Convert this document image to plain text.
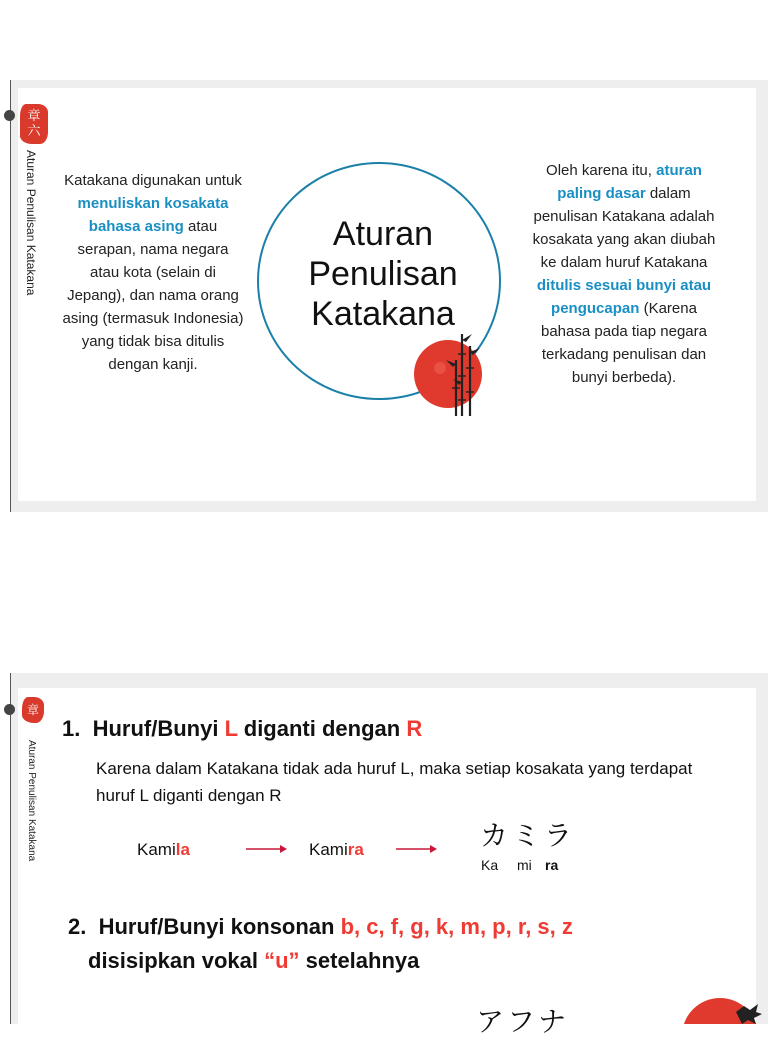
章
六
Aturan Penulisan Katakana Katakana digunakan untuk menuliskan kosakata bahasa asing atau serapan, nama negara atau kota (selain di Jepang), dan nama orang asing (termasuk Indonesia) yang tidak bisa ditulis dengan kanji.
Aturan Penulisan Katakana
Oleh karena itu, aturan paling dasar dalam penulisan Katakana adalah kosakata yang akan diubah ke dalam huruf Katakana ditulis sesuai bunyi atau pengucapan (Karena bahasa pada tiap negara terkadang penulisan dan bunyi berbeda).
章
Aturan Penulisan Katakana
1. Huruf/Bunyi L diganti dengan R
Karena dalam Katakana tidak ada huruf L, maka setiap kosakata yang terdapat huruf L diganti dengan R
Kamila	Kamira	カミラ
Ka mi ra
2. Huruf/Bunyi konsonan b, c, f, g, k, m, p, r, s, z
disisipkan vokal “u” setelahnya
アフナ
